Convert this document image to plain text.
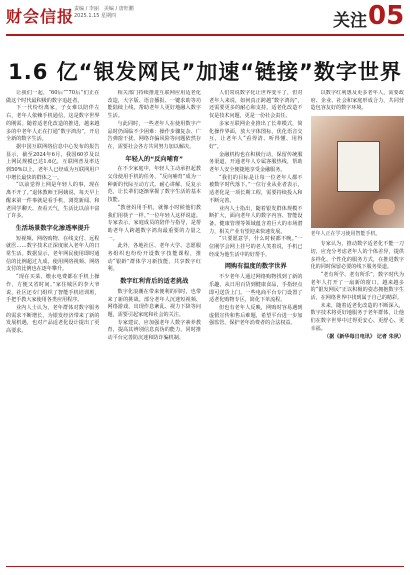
财会信报 责编 / 李丽　美编 / 唐旺鹏
2025.1.15 星期四	关注 05
1.6 亿“银发网民”加速“链接”数字世界

让我们一起，“60后”“70后”们正在做这个时代最积极的数字追赶者。

下一代纷纷离家，子女难以陪伴左右，老年人依赖手机通信，这是数字世界的刚需。随着适老化改造的推进，越来越多的中老年人正在打通“数字鸿沟”，开启全新的数字生活。

据中国互联网络信息中心发布的报告显示，截至2024年6月，我国60岁及以上网民规模已达1.6亿，互联网普及率达到50%以上，老年人已经成为互联网用户中增长最快的群体之一。

“以前觉得上网是年轻人的事，现在离不开了。”退休教师王阿姨说，每天早上醒来第一件事就是看手机，浏览新闻、和老同学聊天、查看天气，生活比以前丰富了许多。

生活场景数字化渗透率提升

短视频、网络购物、在线支付、远程就医……数字技术正深度嵌入老年人的日常生活。数据显示，老年网民使用即时通信的比例超过九成，使用网络视频、网络支付的比例也在逐年攀升。

“现在买菜、缴水电费都在手机上操作，方便又省时间。”家住城区的李大爷说，社区还专门组织了智能手机培训班，手把手教大家使用各类应用程序。

业内人士认为，老年群体对数字服务的需求不断增长，为银发经济带来了新的发展机遇，也对产品适老化设计提出了更高要求。

相关部门持续推进互联网应用适老化改造，大字版、语音播报、一键求助等功能陆续上线，帮助老年人更好地融入数字生活。

与此同时，一些老年人在使用数字产品时仍面临不少困难：操作步骤复杂、广告弹窗干扰、网络诈骗风险等问题依然存在，需要社会各方共同努力加以解决。

年轻人的“反向哺育”

在不少家庭中，年轻人主动承担起教父母使用手机的任务，“反向哺育”成为一种新的代际互动方式。耐心讲解、反复示范，让长辈们逐渐掌握了数字生活的基本技能。

“教爸妈用手机，就像小时候他们教我们用筷子一样。”一位年轻人这样说道。专家表示，家庭成员的陪伴与指导，是帮助老年人跨越数字鸿沟最重要的力量之一。

此外，各地社区、老年大学、志愿服务组织也纷纷开设数字技能课程，推动“银龄”群体学习新技能，共享数字红利。

数字红利背后的适老挑战

数字化浪潮在带来便利的同时，也带来了新的挑战。部分老年人沉迷短视频、网络游戏，出现作息紊乱、视力下降等问题，需要引起家庭和社会的关注。

专家建议，应加强老年人数字素养教育，提高其辨别信息真伪的能力，同时推动平台完善防沉迷和防诈骗机制。

人们常说数字化让世界变平了，但对老年人来说，如何真正跨越“数字鸿沟”，还需要更多的耐心和支持。适老化改造不仅是技术问题，更是一份社会责任。

多家互联网企业推出了长辈模式，简化操作界面，放大字体图标，优化语音交互，让老年人“看得清、听得懂、用得好”。

金融机构也在积极行动，保留传统服务渠道，开通老年人专属客服热线，帮助老年人安全便捷地享受金融服务。

“我们的目标是让每一位老年人都不被数字时代落下。”一位行业从业者表示，适老化是一项长期工程，需要持续投入和不断完善。

业内人士指出，随着银发群体规模不断扩大，面向老年人的数字内容、智能设备、健康管理等领域蕴含着巨大的市场潜力，相关产业有望迎来快速发展。

“只要愿意学，什么时候都不晚。”一位刚学会网上挂号的老人笑着说，手机已经成为他生活中的好帮手。

网购有温度的数字世界

不少老年人通过网络购物找到了新的乐趣，从日用百货到健康食品，手指轻点即可送货上门。一些电商平台专门设置了适老化购物专区，简化下单流程。

但也有老年人反映，网购时容易遇到虚假宣传和售后难题，希望平台进一步加强监管，保护老年消费者的合法权益。

以数字红利惠及更多老年人，需要政府、企业、社会和家庭形成合力，共同营造包容友好的数字环境。

老年人正在学习使用智能手机。

专家认为，推动数字适老化不能一刀切，应充分考虑老年人的个体差异，提供多样化、个性化的服务方式，在推进数字化的同时保留必要的线下服务渠道。

“老有所学、老有所乐”，数字时代为老年人打开了一扇新的窗口。越来越多的“银发网民”正以积极的姿态拥抱数字生活，在网络世界中找到属于自己的精彩。

未来，随着适老化改造的不断深入，数字技术将更好地服务于老年群体，让他们在数字世界中过得更安心、更舒心、更幸福。

（据《新华每日电讯》 记者 朱夙）
